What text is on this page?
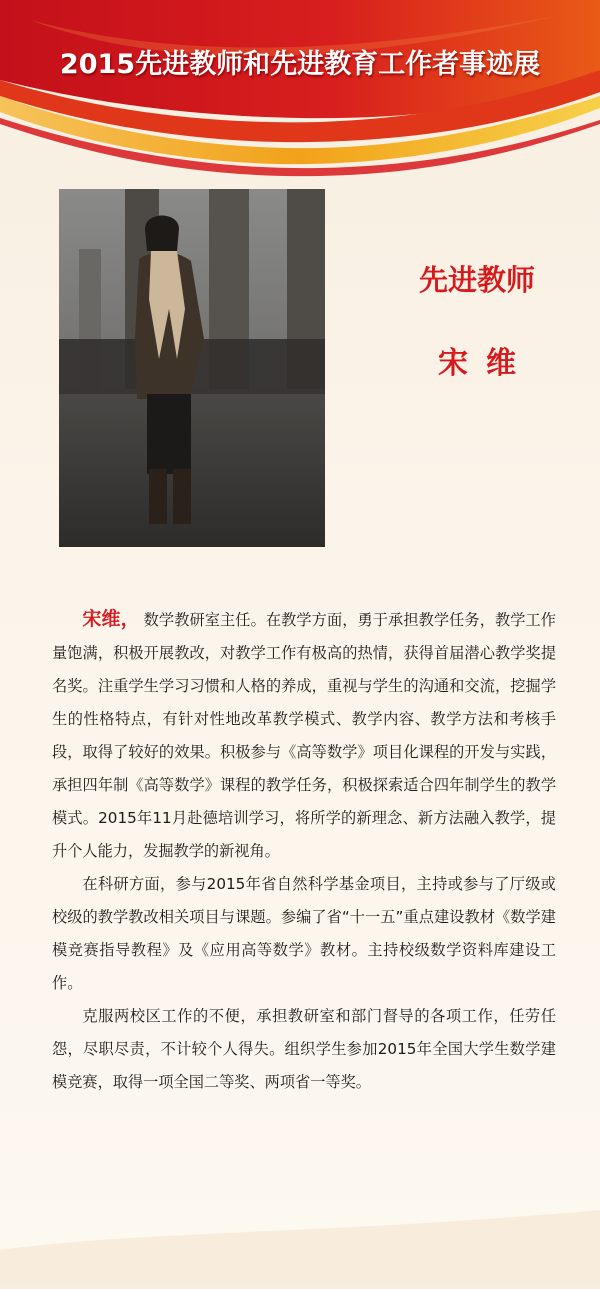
2015先进教师和先进教育工作者事迹展
先进教师
宋维

宋维， 数学教研室主任。在教学方面，勇于承担教学任务，教学工作量饱满，积极开展教改，对教学工作有极高的热情，获得首届潜心教学奖提名奖。注重学生学习习惯和人格的养成，重视与学生的沟通和交流，挖掘学生的性格特点，有针对性地改革教学模式、教学内容、教学方法和考核手段，取得了较好的效果。积极参与《高等数学》项目化课程的开发与实践，承担四年制《高等数学》课程的教学任务，积极探索适合四年制学生的教学模式。2015年11月赴德培训学习，将所学的新理念、新方法融入教学，提升个人能力，发掘教学的新视角。

在科研方面，参与2015年省自然科学基金项目，主持或参与了厅级或校级的教学教改相关项目与课题。参编了省“十一五”重点建设教材《数学建模竞赛指导教程》及《应用高等数学》教材。主持校级数学资料库建设工作。

克服两校区工作的不便，承担教研室和部门督导的各项工作，任劳任怨，尽职尽责，不计较个人得失。组织学生参加2015年全国大学生数学建模竞赛，取得一项全国二等奖、两项省一等奖。
